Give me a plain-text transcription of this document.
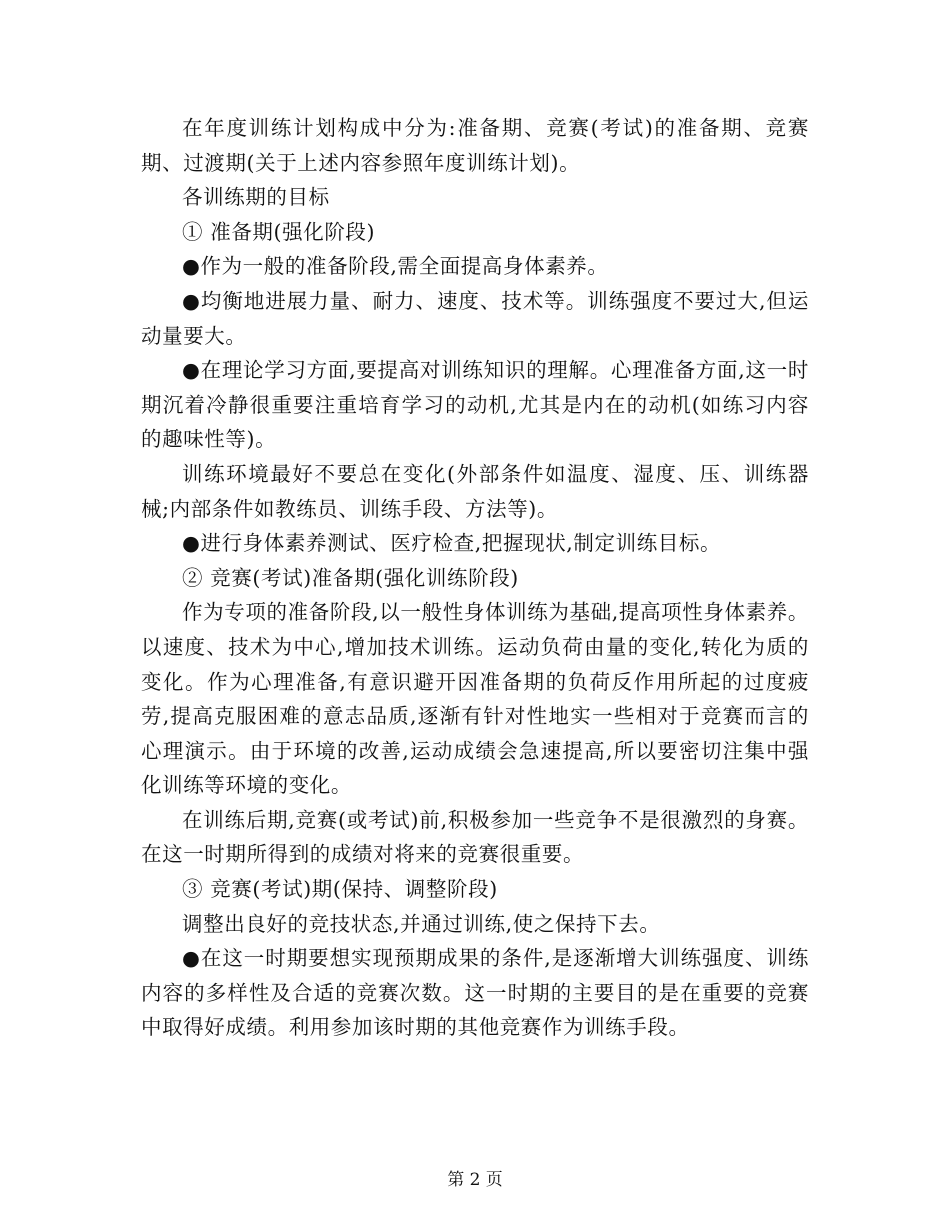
在年度训练计划构成中分为:准备期、竞赛(考试)的准备期、竞赛期、过渡期(关于上述内容参照年度训练计划)。

各训练期的目标

① 准备期(强化阶段)

●作为一般的准备阶段,需全面提高身体素养。

●均衡地进展力量、耐力、速度、技术等。训练强度不要过大,但运动量要大。

●在理论学习方面,要提高对训练知识的理解。心理准备方面,这一时期沉着冷静很重要注重培育学习的动机,尤其是内在的动机(如练习内容的趣味性等)。

训练环境最好不要总在变化(外部条件如温度、湿度、压、训练器械;内部条件如教练员、训练手段、方法等)。

●进行身体素养测试、医疗检查,把握现状,制定训练目标。

② 竞赛(考试)准备期(强化训练阶段)

作为专项的准备阶段,以一般性身体训练为基础,提高项性身体素养。以速度、技术为中心,增加技术训练。运动负荷由量的变化,转化为质的变化。作为心理准备,有意识避开因准备期的负荷反作用所起的过度疲劳,提高克服困难的意志品质,逐渐有针对性地实一些相对于竞赛而言的心理演示。由于环境的改善,运动成绩会急速提高,所以要密切注集中强化训练等环境的变化。

在训练后期,竞赛(或考试)前,积极参加一些竞争不是很激烈的身赛。在这一时期所得到的成绩对将来的竞赛很重要。

③ 竞赛(考试)期(保持、调整阶段)

调整出良好的竞技状态,并通过训练,使之保持下去。

●在这一时期要想实现预期成果的条件,是逐渐增大训练强度、训练内容的多样性及合适的竞赛次数。这一时期的主要目的是在重要的竞赛中取得好成绩。利用参加该时期的其他竞赛作为训练手段。

第 2 页
